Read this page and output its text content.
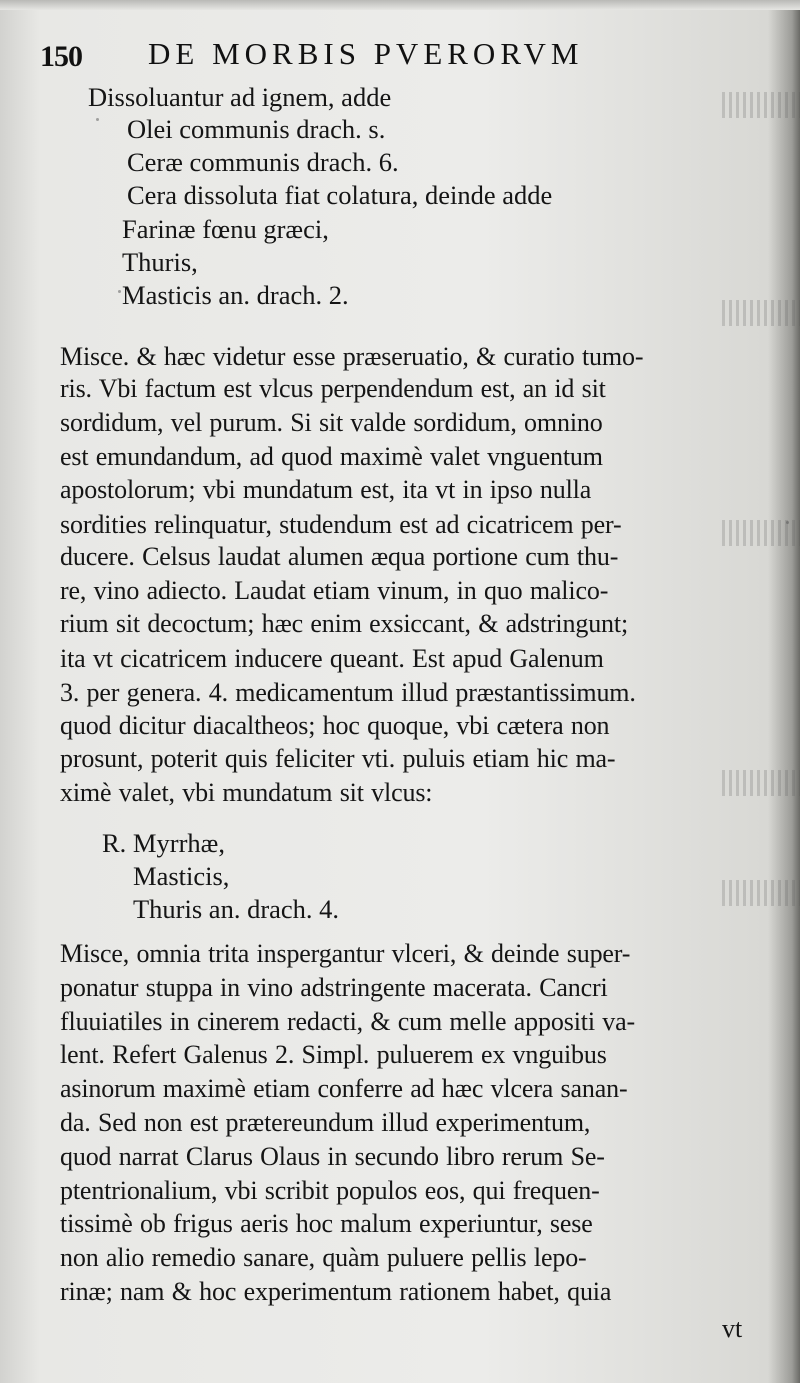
150 DE MORBIS PVERORVM
Dissoluantur ad ignem, adde
Olei communis drach. s.
Ceræ communis drach. 6.
Cera dissoluta fiat colatura, deinde adde
Farinæ fœnu græci,
Thuris,
Masticis an. drach. 2.
Misce. & hæc videtur esse præseruatio, & curatio tumo-
ris. Vbi factum est vlcus perpendendum est, an id sit
sordidum, vel purum. Si sit valde sordidum, omnino
est emundandum, ad quod maximè valet vnguentum
apostolorum; vbi mundatum est, ita vt in ipso nulla
sordities relinquatur, studendum est ad cicatricem per-
ducere. Celsus laudat alumen æqua portione cum thu-
re, vino adiecto. Laudat etiam vinum, in quo malico-
rium sit decoctum; hæc enim exsiccant, & adstringunt;
ita vt cicatricem inducere queant. Est apud Galenum
3. per genera. 4. medicamentum illud præstantissimum.
quod dicitur diacaltheos; hoc quoque, vbi cætera non
prosunt, poterit quis feliciter vti. puluis etiam hic ma-
ximè valet, vbi mundatum sit vlcus:
R. Myrrhæ,
Masticis,
Thuris an. drach. 4.
Misce, omnia trita inspergantur vlceri, & deinde super-
ponatur stuppa in vino adstringente macerata. Cancri
fluuiatiles in cinerem redacti, & cum melle appositi va-
lent. Refert Galenus 2. Simpl. puluerem ex vnguibus
asinorum maximè etiam conferre ad hæc vlcera sanan-
da. Sed non est prætereundum illud experimentum,
quod narrat Clarus Olaus in secundo libro rerum Se-
ptentrionalium, vbi scribit populos eos, qui frequen-
tissimè ob frigus aeris hoc malum experiuntur, sese
non alio remedio sanare, quàm puluere pellis lepo-
rinæ; nam & hoc experimentum rationem habet, quia
vt
